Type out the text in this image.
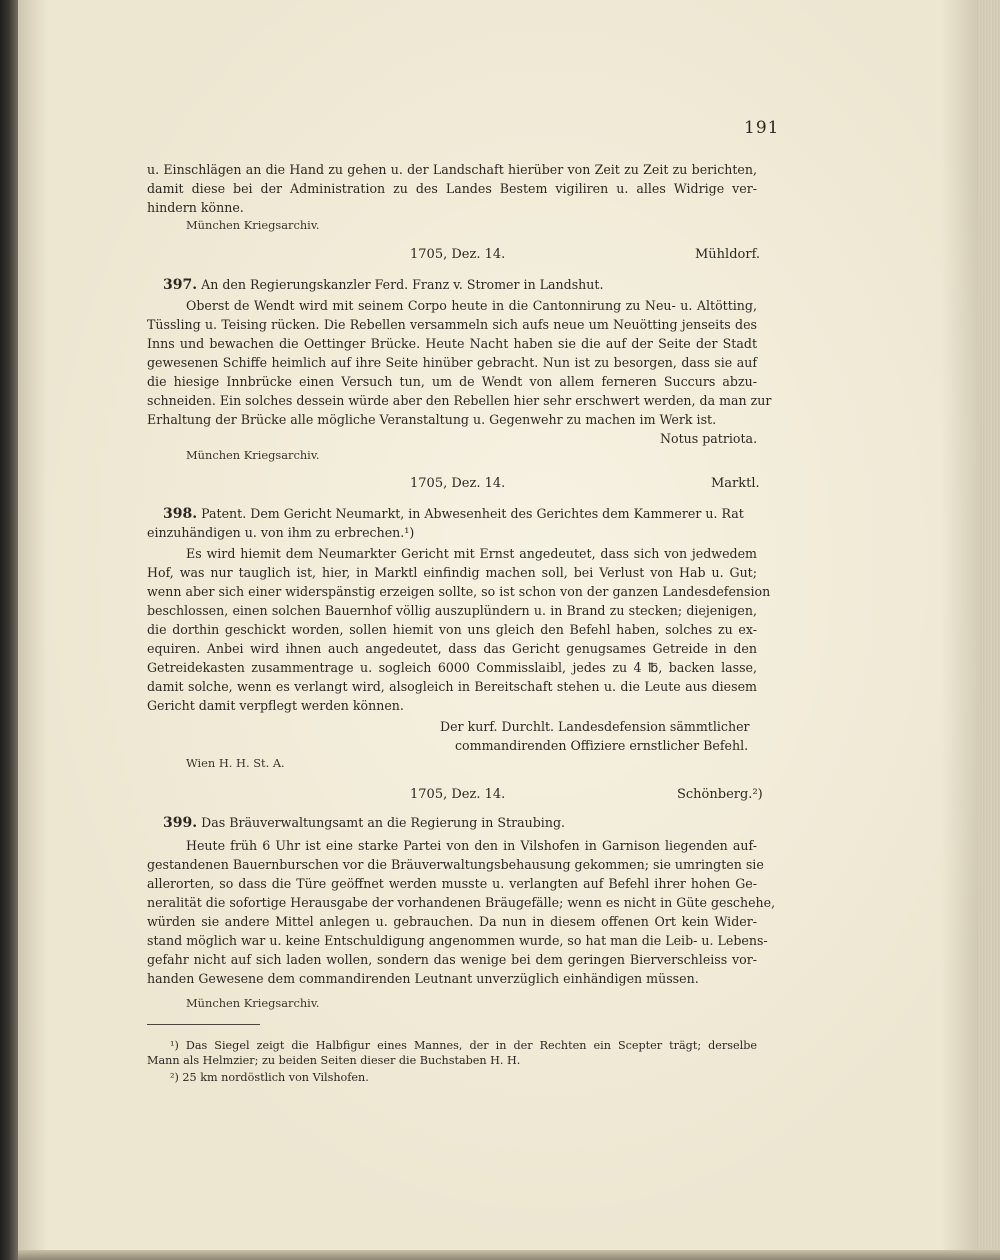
191
u. Einschlägen an die Hand zu gehen u. der Landschaft hierüber von Zeit zu Zeit zu berichten,
damit diese bei der Administration zu des Landes Bestem vigiliren u. alles Widrige ver-
hindern könne.
München Kriegsarchiv.
1705, Dez. 14.	Mühldorf.
397. An den Regierungskanzler Ferd. Franz v. Stromer in Landshut.
Oberst de Wendt wird mit seinem Corpo heute in die Cantonnirung zu Neu- u. Altötting,
Tüssling u. Teising rücken. Die Rebellen versammeln sich aufs neue um Neuötting jenseits des
Inns und bewachen die Oettinger Brücke. Heute Nacht haben sie die auf der Seite der Stadt
gewesenen Schiffe heimlich auf ihre Seite hinüber gebracht. Nun ist zu besorgen, dass sie auf
die hiesige Innbrücke einen Versuch tun, um de Wendt von allem ferneren Succurs abzu-
schneiden. Ein solches dessein würde aber den Rebellen hier sehr erschwert werden, da man zur
Erhaltung der Brücke alle mögliche Veranstaltung u. Gegenwehr zu machen im Werk ist.
Notus patriota.
München Kriegsarchiv.
1705, Dez. 14.	Marktl.
398. Patent. Dem Gericht Neumarkt, in Abwesenheit des Gerichtes dem Kammerer u. Rat
einzuhändigen u. von ihm zu erbrechen.¹)
Es wird hiemit dem Neumarkter Gericht mit Ernst angedeutet, dass sich von jedwedem
Hof, was nur tauglich ist, hier, in Marktl einfindig machen soll, bei Verlust von Hab u. Gut;
wenn aber sich einer widerspänstig erzeigen sollte, so ist schon von der ganzen Landesdefension
beschlossen, einen solchen Bauernhof völlig auszuplündern u. in Brand zu stecken; diejenigen,
die dorthin geschickt worden, sollen hiemit von uns gleich den Befehl haben, solches zu ex-
equiren. Anbei wird ihnen auch angedeutet, dass das Gericht genugsames Getreide in den
Getreidekasten zusammentrage u. sogleich 6000 Commisslaibl, jedes zu 4 ℔, backen lasse,
damit solche, wenn es verlangt wird, alsogleich in Bereitschaft stehen u. die Leute aus diesem
Gericht damit verpflegt werden können.
Der kurf. Durchlt. Landesdefension sämmtlicher
commandirenden Offiziere ernstlicher Befehl.
Wien H. H. St. A.
1705, Dez. 14.	Schönberg.²)
399. Das Bräuverwaltungsamt an die Regierung in Straubing.
Heute früh 6 Uhr ist eine starke Partei von den in Vilshofen in Garnison liegenden auf-
gestandenen Bauernburschen vor die Bräuverwaltungsbehausung gekommen; sie umringten sie
allerorten, so dass die Türe geöffnet werden musste u. verlangten auf Befehl ihrer hohen Ge-
neralität die sofortige Herausgabe der vorhandenen Bräugefälle; wenn es nicht in Güte geschehe,
würden sie andere Mittel anlegen u. gebrauchen. Da nun in diesem offenen Ort kein Wider-
stand möglich war u. keine Entschuldigung angenommen wurde, so hat man die Leib- u. Lebens-
gefahr nicht auf sich laden wollen, sondern das wenige bei dem geringen Bierverschleiss vor-
handen Gewesene dem commandirenden Leutnant unverzüglich einhändigen müssen.
München Kriegsarchiv.
¹) Das Siegel zeigt die Halbfigur eines Mannes, der in der Rechten ein Scepter trägt; derselbe
Mann als Helmzier; zu beiden Seiten dieser die Buchstaben H. H.
²) 25 km nordöstlich von Vilshofen.
